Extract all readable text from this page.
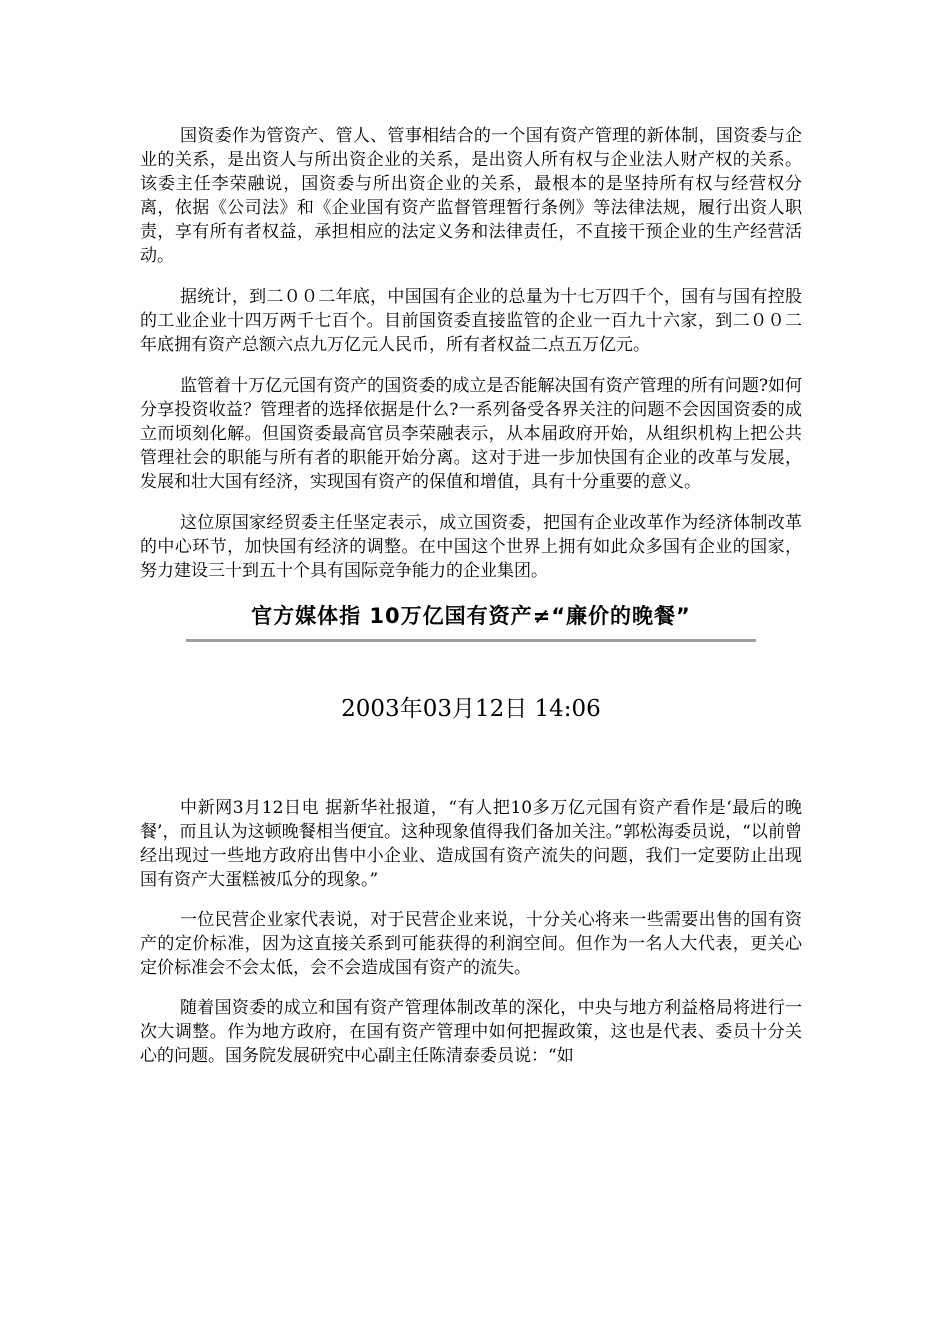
国资委作为管资产、管人、管事相结合的一个国有资产管理的新体制，国资委与企业的关系，是出资人与所出资企业的关系，是出资人所有权与企业法人财产权的关系。该委主任李荣融说，国资委与所出资企业的关系，最根本的是坚持所有权与经营权分离，依据《公司法》和《企业国有资产监督管理暂行条例》等法律法规，履行出资人职责，享有所有者权益，承担相应的法定义务和法律责任，不直接干预企业的生产经营活动。

据统计，到二００二年底，中国国有企业的总量为十七万四千个，国有与国有控股的工业企业十四万两千七百个。目前国资委直接监管的企业一百九十六家，到二００二年底拥有资产总额六点九万亿元人民币，所有者权益二点五万亿元。

监管着十万亿元国有资产的国资委的成立是否能解决国有资产管理的所有问题?如何分享投资收益？管理者的选择依据是什么?一系列备受各界关注的问题不会因国资委的成立而顷刻化解。但国资委最高官员李荣融表示，从本届政府开始，从组织机构上把公共管理社会的职能与所有者的职能开始分离。这对于进一步加快国有企业的改革与发展，发展和壮大国有经济，实现国有资产的保值和增值，具有十分重要的意义。

这位原国家经贸委主任坚定表示，成立国资委，把国有企业改革作为经济体制改革的中心环节，加快国有经济的调整。在中国这个世界上拥有如此众多国有企业的国家，努力建设三十到五十个具有国际竞争能力的企业集团。

官方媒体指 10万亿国有资产≠“廉价的晚餐”
2003年03月12日 14:06

中新网3月12日电 据新华社报道，“有人把10多万亿元国有资产看作是‘最后的晚餐’，而且认为这顿晚餐相当便宜。这种现象值得我们备加关注。”郭松海委员说，“以前曾经出现过一些地方政府出售中小企业、造成国有资产流失的问题，我们一定要防止出现国有资产大蛋糕被瓜分的现象。”

一位民营企业家代表说，对于民营企业来说，十分关心将来一些需要出售的国有资产的定价标准，因为这直接关系到可能获得的利润空间。但作为一名人大代表，更关心定价标准会不会太低，会不会造成国有资产的流失。

随着国资委的成立和国有资产管理体制改革的深化，中央与地方利益格局将进行一次大调整。作为地方政府，在国有资产管理中如何把握政策，这也是代表、委员十分关心的问题。国务院发展研究中心副主任陈清泰委员说：“如
